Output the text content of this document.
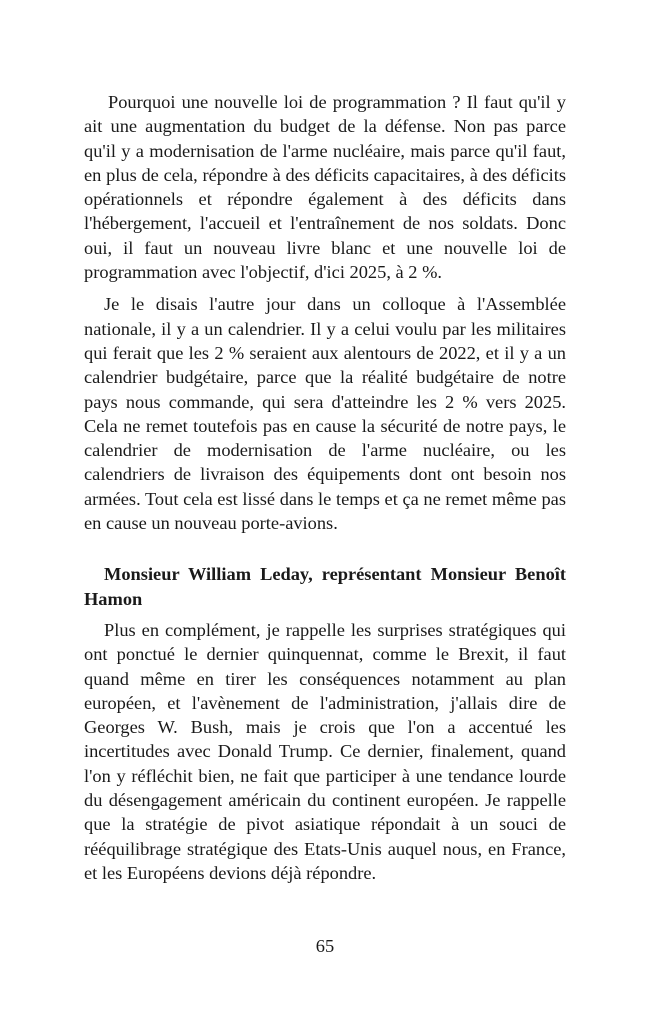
Pourquoi une nouvelle loi de programmation ? Il faut qu'il y ait une augmentation du budget de la défense. Non pas parce qu'il y a modernisation de l'arme nucléaire, mais parce qu'il faut, en plus de cela, répondre à des déficits capacitaires, à des déficits opérationnels et répondre également à des déficits dans l'hébergement, l'accueil et l'entraînement de nos soldats. Donc oui, il faut un nouveau livre blanc et une nouvelle loi de programmation avec l'objectif, d'ici 2025, à 2 %.

Je le disais l'autre jour dans un colloque à l'Assemblée nationale, il y a un calendrier. Il y a celui voulu par les militaires qui ferait que les 2 % seraient aux alentours de 2022, et il y a un calendrier budgétaire, parce que la réalité budgétaire de notre pays nous commande, qui sera d'atteindre les 2 % vers 2025. Cela ne remet toutefois pas en cause la sécurité de notre pays, le calendrier de modernisation de l'arme nucléaire, ou les calendriers de livraison des équipements dont ont besoin nos armées. Tout cela est lissé dans le temps et ça ne remet même pas en cause un nouveau porte-avions.

Monsieur William Leday, représentant Monsieur Benoît Hamon

Plus en complément, je rappelle les surprises stratégiques qui ont ponctué le dernier quinquennat, comme le Brexit, il faut quand même en tirer les conséquences notamment au plan européen, et l'avènement de l'administration, j'allais dire de Georges W. Bush, mais je crois que l'on a accentué les incertitudes avec Donald Trump. Ce dernier, finalement, quand l'on y réfléchit bien, ne fait que participer à une tendance lourde du désengagement américain du continent européen. Je rappelle que la stratégie de pivot asiatique répondait à un souci de rééquilibrage stratégique des Etats-Unis auquel nous, en France, et les Européens devions déjà répondre.

65
